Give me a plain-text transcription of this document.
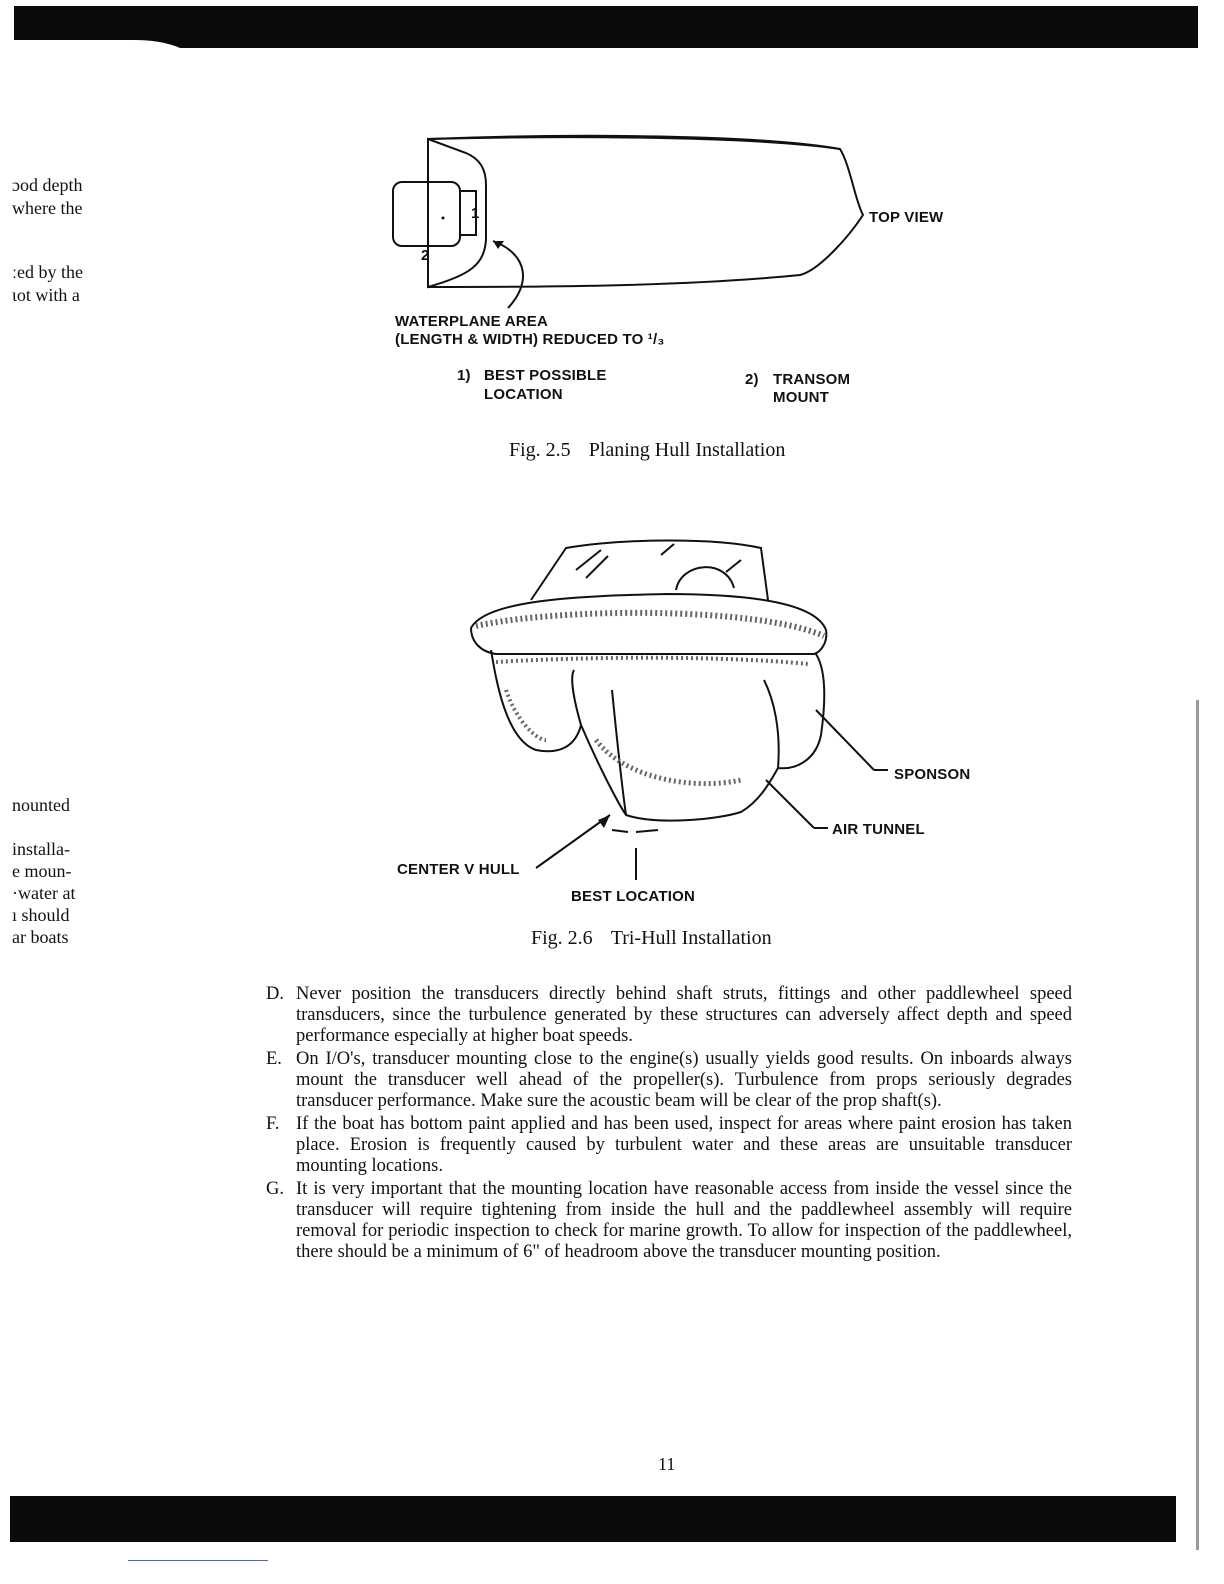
ɔod depth
where the
ːed by the
ɩot with a
nounted
installa-
e moun-
·water at
ı should
ar boats
1
2
TOP VIEW
WATERPLANE AREA
(LENGTH & WIDTH) REDUCED TO ¹/₃
1) BEST POSSIBLE
LOCATION
2) TRANSOM
MOUNT
Fig. 2.5 Planing Hull Installation
SPONSON
AIR TUNNEL
CENTER V HULL
BEST LOCATION
Fig. 2.6 Tri-Hull Installation
D. Never position the transducers directly behind shaft struts, fittings and other paddlewheel speed transducers, since the turbulence generated by these structures can adversely affect depth and speed performance especially at higher boat speeds.
E. On I/O's, transducer mounting close to the engine(s) usually yields good results. On inboards always mount the transducer well ahead of the propeller(s). Turbulence from props seriously degrades transducer performance. Make sure the acoustic beam will be clear of the prop shaft(s).
F. If the boat has bottom paint applied and has been used, inspect for areas where paint erosion has taken place. Erosion is frequently caused by turbulent water and these areas are unsuitable transducer mounting locations.
G. It is very important that the mounting location have reasonable access from inside the vessel since the transducer will require tightening from inside the hull and the paddlewheel assembly will require removal for periodic inspection to check for marine growth. To allow for inspection of the paddlewheel, there should be a minimum of 6" of headroom above the transducer mounting position.
11
